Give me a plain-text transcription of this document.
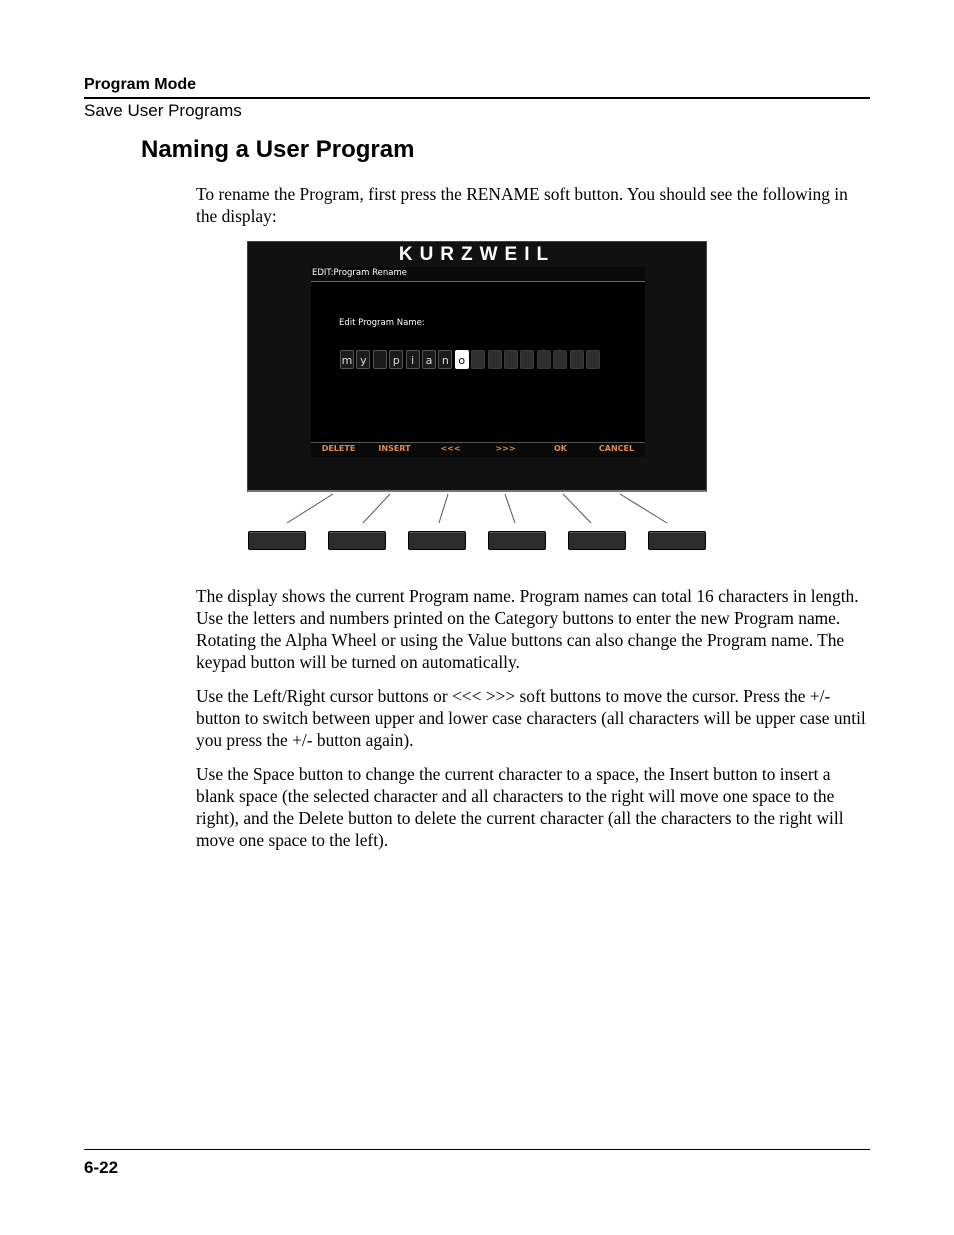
Program Mode
Save User Programs
Naming a User Program

To rename the Program, first press the RENAME soft button. You should see the following in the display:

KURZWEIL
EDIT:Program Rename
Edit Program Name:
m y	p	i	a n o
DELETE	INSERT	<<<	>>>	OK	CANCEL

The display shows the current Program name. Program names can total 16 characters in length. Use the letters and numbers printed on the Category buttons to enter the new Program name. Rotating the Alpha Wheel or using the Value buttons can also change the Program name. The keypad button will be turned on automatically.

Use the Left/Right cursor buttons or <<< >>> soft buttons to move the cursor. Press the +/- button to switch between upper and lower case characters (all characters will be upper case until you press the +/- button again).

Use the Space button to change the current character to a space, the Insert button to insert a blank space (the selected character and all characters to the right will move one space to the right), and the Delete button to delete the current character (all the characters to the right will move one space to the left).

6-22
